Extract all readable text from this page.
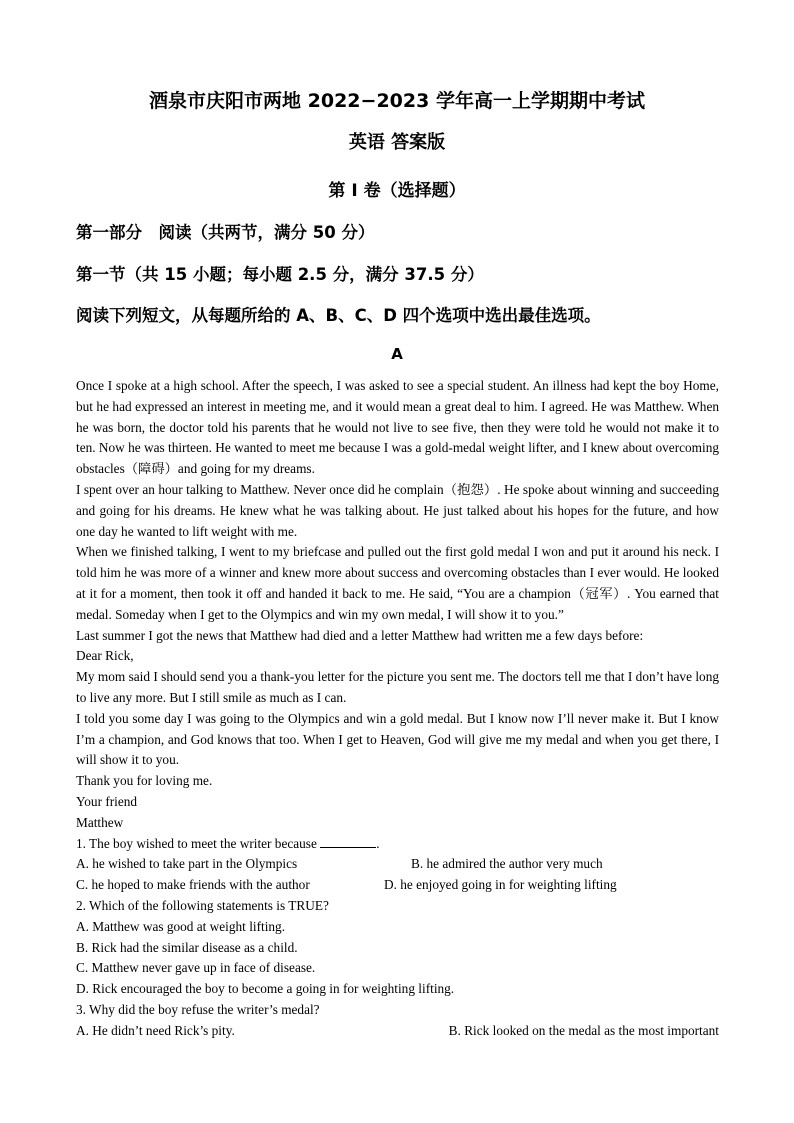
酒泉市庆阳市两地 2022−2023 学年高一上学期期中考试
英语 答案版
第 I 卷（选择题）
第一部分　阅读（共两节，满分 50 分）
第一节（共 15 小题；每小题 2.5 分，满分 37.5 分）
阅读下列短文，从每题所给的 A、B、C、D 四个选项中选出最佳选项。
A

Once I spoke at a high school. After the speech, I was asked to see a special student. An illness had kept the boy Home, but he had expressed an interest in meeting me, and it would mean a great deal to him. I agreed. He was Matthew. When he was born, the doctor told his parents that he would not live to see five, then they were told he would not make it to ten. Now he was thirteen. He wanted to meet me because I was a gold-medal weight lifter, and I knew about overcoming obstacles（障碍）and going for my dreams.

I spent over an hour talking to Matthew. Never once did he complain（抱怨）. He spoke about winning and succeeding and going for his dreams. He knew what he was talking about. He just talked about his hopes for the future, and how one day he wanted to lift weight with me.

When we finished talking, I went to my briefcase and pulled out the first gold medal I won and put it around his neck. I told him he was more of a winner and knew more about success and overcoming obstacles than I ever would. He looked at it for a moment, then took it off and handed it back to me. He said, “You are a champion（冠军）. You earned that medal. Someday when I get to the Olympics and win my own medal, I will show it to you.”

Last summer I got the news that Matthew had died and a letter Matthew had written me a few days before:

Dear Rick,

My mom said I should send you a thank-you letter for the picture you sent me. The doctors tell me that I don’t have long to live any more. But I still smile as much as I can.

I told you some day I was going to the Olympics and win a gold medal. But I know now I’ll never make it. But I know I’m a champion, and God knows that too. When I get to Heaven, God will give me my medal and when you get there, I will show it to you.

Thank you for loving me.

Your friend

Matthew

1. The boy wished to meet the writer because	.

A. he wished to take part in the Olympics	B. he admired the author very much
C. he hoped to make friends with the author	D. he enjoyed going in for weighting lifting

2. Which of the following statements is TRUE?

A. Matthew was good at weight lifting.

B. Rick had the similar disease as a child.

C. Matthew never gave up in face of disease.

D. Rick encouraged the boy to become a going in for weighting lifting.

3. Why did the boy refuse the writer’s medal?

A. He didn’t need Rick’s pity.	B. Rick looked on the medal as the most important
